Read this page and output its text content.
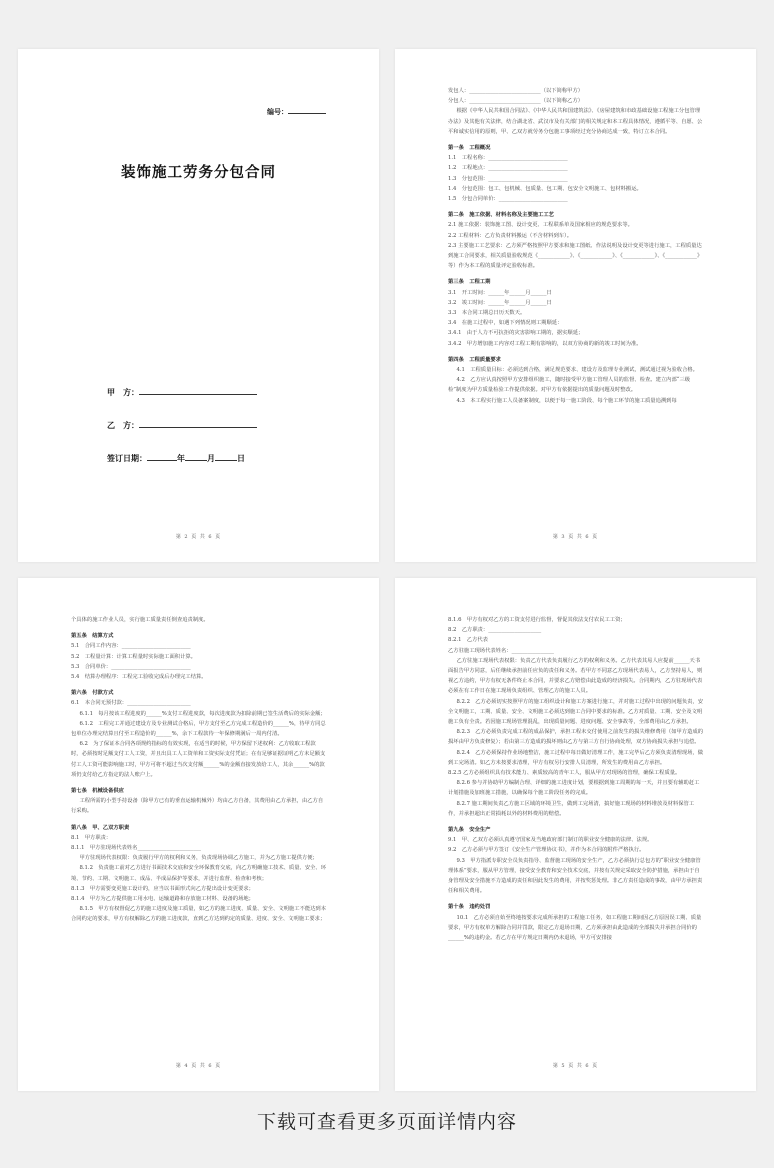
编号：
装饰施工劳务分包合同
甲　方：
乙　方：
签订日期：	年	月	日
第 2 页 共 6 页

发包人：___________________________（以下简称甲方）

分包人：___________________________（以下简称乙方）

根据《中华人民共和国合同法》、《中华人民共和国建筑法》、《房屋建筑和市政基础设施工程施工分包管理办法》及其他有关法律，结合湖北省、武汉市及有关部门的相关规定和本工程具体情况，遵循平等、自愿、公平和诚实信用的原则，甲、乙双方就劳务分包施工事项经过充分协商达成一致，特订立本合同。

第一条　工程概况

1.1　工程名称：______________________________

1.2　工程地点：______________________________

1.3　分包范围：______________________________

1.4　分包范围：包工、包机械、包质量、包工期、包安全文明施工、包材料搬运。

1.5　分包合同单价：__________________________

第二条　施工依据、材料名称及主要施工工艺

2.1 施工依据：装饰施工图、设计变更、工程联系单及国家相应的规范要求等。

2.2 工程材料：乙方负责材料搬运（不含材料到车）。

2.3 主要施工工艺要求：乙方须严格按照甲方要求和施工图纸、作法说明及设计变更等进行施工，工程质量达到施工合同要求，相关质量验收规范《____________》、《____________》、《____________》、《____________》等）作为本工程的质量评定验收标准。

第三条　工程工期

3.1　开工时间：______年______月______日

3.2　竣工时间：______年______月______日

3.3　本合同工期总日历天数天。

3.4　在施工过程中，如遇下列情况则工期顺延：

3.4.1　由于人力不可抗拒的灾害影响工期的，据实顺延；

3.4.2　甲方增加施工内容对工程工期有影响的，以双方协商的新的竣工时间为准。

第四条　工程质量要求

4.1　工程质量目标：必须达到合格，满足规范要求、建设方及监理专业测试，测试通过视为验收合格。

4.2　乙方应认真按照甲方安排组织施工，随时接受甲方施工管理人员的监督、检查。建立内部“三级检”制度为甲方质量检验工作提供依据。对甲方有依据提出的质量问题及时整改。

4.3　本工程实行施工人员备案制度，以便于每一施工阶段、每个施工环节的施工质量追溯到每

第 3 页 共 6 页

个具体的施工作业人员，实行施工质量责任倒查追责制度。

第五条　结算方式

5.1　合同工作内容：__________________________

5.2　工程量计算：计算工程量时实际施工面积计算。

5.3　合同单价：______________________________

5.4　结算办理程序：工程完工验收完成后办理完工结算。

第六条　付款方式

6.1　本合同无预付款：________________________

6.1.1　每月按该工程进度的______%支付工程进度款，每次进度款为扣除前期已签生活费后的实际金额；

6.1.2　工程完工并通过建设方及专业测试合格后，甲方支付至乙方完成工程造价的______%，待甲方同总包单位办理完结算且付至工程造价的______%，余下工程款待一年保修期满后一周内付清。

6.2　为了保证本合同各项规约指标的有效实现，在适当的时候，甲方保留下述权利：乙方收取工程款时，必须按时足额支付工人工资，并且出具工人工资单和工资实际支付凭证；在有足够证据证明乙方未足额支付工人工资可能影响施工时，甲方可将不超过当次支付额______%的金额直接发放给工人，其余______%的款项仍支付给乙方指定的法人账户上。

第七条　机械设备供应

工程所需的小型手持设备（除甲方已有的垂直运输机械外）均由乙方自备，其费用由乙方承担，由乙方自行采购。

第八条　甲、乙双方职责

8.1　甲方职责：

8.1.1　甲方驻现场代表姓名________________________

甲方驻现场代表权限：负责履行甲方的权利和义务，负责现场协调乙方施工，并为乙方施工提供方便；

8.1.2　负责施工前对乙方进行书面技术交底和安全环保教育交底，向乙方明确施工技术、质量、安全、环境、节约、工期、文明施工、成品、半成品保护等要求，并进行监督、检查和考核；

8.1.3　甲方需要变更施工设计的，应当以书面形式向乙方提出设计变更要求；

8.1.4　甲方为乙方提供施工用水电、运输道路和存放施工材料、设备的场地；

8.1.5　甲方有权督促乙方的施工进度及施工质量，如乙方的施工进度、质量、安全、文明施工不能达到本合同约定的要求，甲方有权解除乙方的施工进度款，直到乙方达到约定的质量、进度、安全、文明施工要求；

第 4 页 共 6 页

8.1.6　甲方有权对乙方的工资支付进行监督，督促其依法支付农民工工资；

8.2　乙方职责：____________________

8.2.1　乙方代表

乙方驻施工现场代表姓名：________________

乙方驻施工现场代表权限：负责乙方代表负责履行乙方的权利和义务。乙方代表其易人应提前______天书面报告甲方同意，后任继续承担前任应负的责任和义务。若甲方不同意乙方现场代表易人，乙方坚持易人，则视乙方违约，甲方有权无条件终止本合同，并要求乙方赔偿由此造成的经济损失。合同期内，乙方驻现场代表必须在有工作日在施工现场负责组织、管理乙方的施工人员。

8.2.2　乙方必须切实按照甲方的施工组织设计和施工方案进行施工，并对施工过程中出现的问题负责，安全文明施工，工期、质量、安全、文明施工必须达到施工合同中要求的标准。乙方对质量、工期、安全及文明施工负有全责。若因施工现场管理混乱，出现质量问题、进度问题、安全事故等，全部费用由乙方承担。

8.2.3　乙方必须负责完成工程的成品保护，承担工程未交付使用之前发生的损失维修费用（如甲方造成的损坏由甲方负责修复）；若由第三方造成的损坏则由乙方与第三方自行协商处理，双方协商损失承担与追偿。

8.2.4　乙方必须保持作业场地整洁，施工过程中每日做好清理工作，施工完毕后乙方须负责清理现场，做到工完场清。如乙方未按要求清理，甲方有权另行安排人员清理，所发生的费用由乙方承担。

8.2.5 乙方必须组织具有技术能力、素质较高的青年工人，服从甲方对现场的管理，确保工程质量。

8.2.6 参与并协助甲方编制合理、详细的施工进度计划，要根据到施工周期的每一天，并且要有辅助赶工计划措施及加班施工措施，以确保每个施工阶段任务的完成。

8.2.7 施工期间负责乙方施工区域的环境卫生，做到工完场清，搞好施工现场的材料堆放及材料保管工作，并承担超出正常损耗以外的材料费用的赔偿。

第九条　安全生产

9.1　甲、乙双方必须认真遵守国家及当地政府部门制订的职业安全健康的法律、法规。

9.2　乙方必须与甲方签订《安全生产管理协议书》，并作为本合同的附件严格执行。

9.3　甲方指派专职安全员负责指导、监督施工现场的安全生产，乙方必须执行总包方的“职业安全健康管理体系”要求，服从甲方管理，接受安全教育和安全技术交底，并按有关规定采取安全防护措施，承担由于自身管理及安全措施不力造成的责任和因此发生的费用，并按奖惩处理。非乙方责任造成的事故，由甲方承担责任和相关费用。

第十条　违约处罚

10.1　乙方必须自始至终地按要求完成所承担的工程施工任务，如工程施工期间因乙方原因误工期、质量要求，甲方有权单方解除合同并罚款，限定乙方退场日期，乙方须承担由此造成的全部损失并承担合同价的______%的违约金。若乙方在甲方规定日期内仍未退场，甲方可安排接

第 5 页 共 6 页
下载可查看更多页面详情内容
